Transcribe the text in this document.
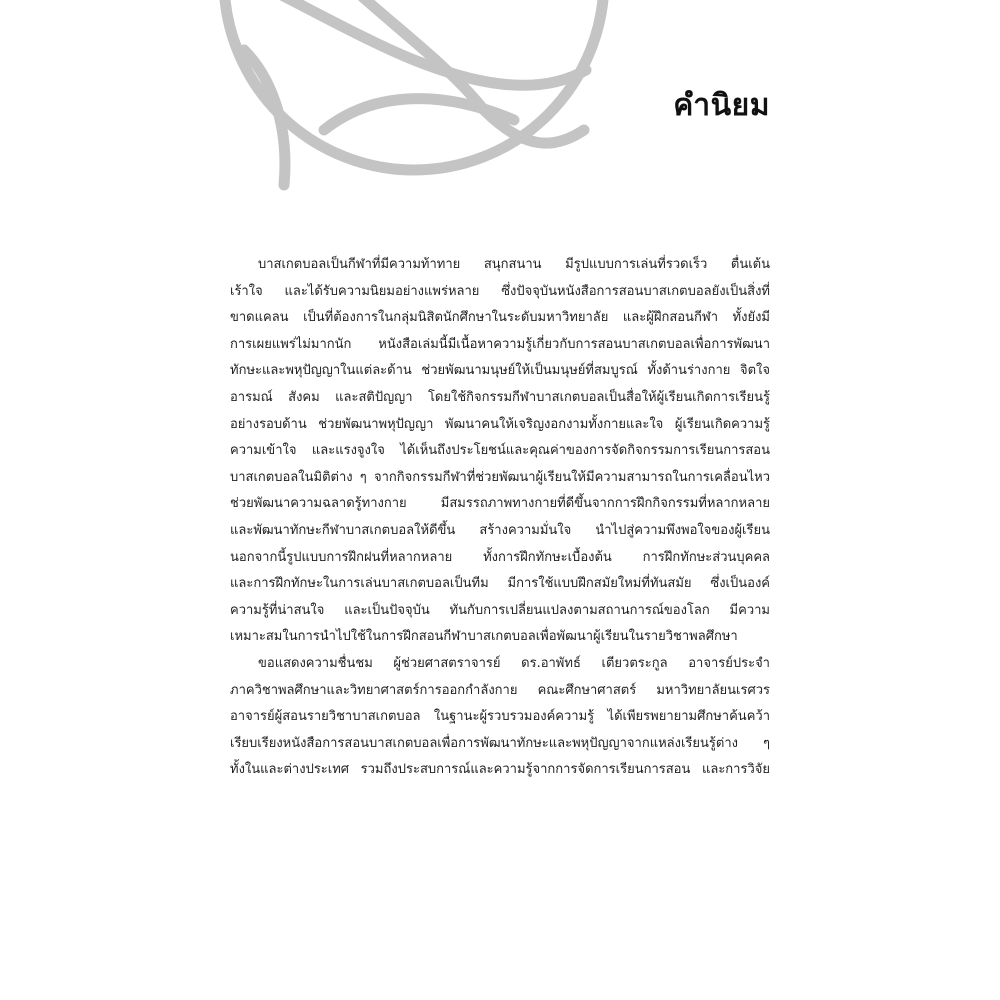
คำนิยม
บาสเกตบอลเป็นกีฬาที่มีความท้าทาย สนุกสนาน มีรูปแบบการเล่นที่รวดเร็ว ตื่นเต้น
เร้าใจ และได้รับความนิยมอย่างแพร่หลาย ซึ่งปัจจุบันหนังสือการสอนบาสเกตบอลยังเป็นสิ่งที่
ขาดแคลน เป็นที่ต้องการในกลุ่มนิสิตนักศึกษาในระดับมหาวิทยาลัย และผู้ฝึกสอนกีฬา ทั้งยังมี
การเผยแพร่ไม่มากนัก หนังสือเล่มนี้มีเนื้อหาความรู้เกี่ยวกับการสอนบาสเกตบอลเพื่อการพัฒนา
ทักษะและพหุปัญญาในแต่ละด้าน ช่วยพัฒนามนุษย์ให้เป็นมนุษย์ที่สมบูรณ์ ทั้งด้านร่างกาย จิตใจ
อารมณ์ สังคม และสติปัญญา โดยใช้กิจกรรมกีฬาบาสเกตบอลเป็นสื่อให้ผู้เรียนเกิดการเรียนรู้
อย่างรอบด้าน ช่วยพัฒนาพหุปัญญา พัฒนาคนให้เจริญงอกงามทั้งกายและใจ ผู้เรียนเกิดความรู้
ความเข้าใจ และแรงจูงใจ ได้เห็นถึงประโยชน์และคุณค่าของการจัดกิจกรรมการเรียนการสอน
บาสเกตบอลในมิติต่าง ๆ จากกิจกรรมกีฬาที่ช่วยพัฒนาผู้เรียนให้มีความสามารถในการเคลื่อนไหว
ช่วยพัฒนาความฉลาดรู้ทางกาย มีสมรรถภาพทางกายที่ดีขึ้นจากการฝึกกิจกรรมที่หลากหลาย
และพัฒนาทักษะกีฬาบาสเกตบอลให้ดีขึ้น สร้างความมั่นใจ นำไปสู่ความพึงพอใจของผู้เรียน
นอกจากนี้รูปแบบการฝึกฝนที่หลากหลาย ทั้งการฝึกทักษะเบื้องต้น การฝึกทักษะส่วนบุคคล
และการฝึกทักษะในการเล่นบาสเกตบอลเป็นทีม มีการใช้แบบฝึกสมัยใหม่ที่ทันสมัย ซึ่งเป็นองค์
ความรู้ที่น่าสนใจ และเป็นปัจจุบัน ทันกับการเปลี่ยนแปลงตามสถานการณ์ของโลก มีความ
เหมาะสมในการนำไปใช้ในการฝึกสอนกีฬาบาสเกตบอลเพื่อพัฒนาผู้เรียนในรายวิชาพลศึกษา
ขอแสดงความชื่นชม ผู้ช่วยศาสตราจารย์ ดร.อาพัทธ์ เตียวตระกูล อาจารย์ประจำ
ภาควิชาพลศึกษาและวิทยาศาสตร์การออกกำลังกาย คณะศึกษาศาสตร์ มหาวิทยาลัยนเรศวร
อาจารย์ผู้สอนรายวิชาบาสเกตบอล ในฐานะผู้รวบรวมองค์ความรู้ ได้เพียรพยายามศึกษาค้นคว้า
เรียบเรียงหนังสือการสอนบาสเกตบอลเพื่อการพัฒนาทักษะและพหุปัญญาจากแหล่งเรียนรู้ต่าง ๆ
ทั้งในและต่างประเทศ รวมถึงประสบการณ์และความรู้จากการจัดการเรียนการสอน และการวิจัย
